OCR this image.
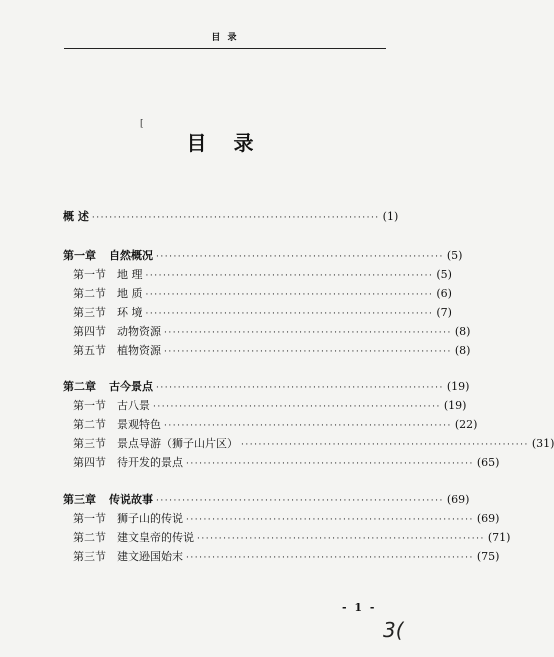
目 录
[
目 录
概 述 ·································································· (1)
第一章 自然概况 ·································································· (5)
第一节 地 理 ·································································· (5)
第二节 地 质 ·································································· (6)
第三节 环 境 ·································································· (7)
第四节 动物资源 ·································································· (8)
第五节 植物资源 ·································································· (8)
第二章 古今景点 ·································································· (19)
第一节 古八景 ·································································· (19)
第二节 景观特色 ·································································· (22)
第三节 景点导游（狮子山片区） ·································································· (31)
第四节 待开发的景点 ·································································· (65)
第三章 传说故事 ·································································· (69)
第一节 狮子山的传说 ·································································· (69)
第二节 建文皇帝的传说 ·································································· (71)
第三节 建文逊国始末 ·································································· (75)
- 1 -
3(
